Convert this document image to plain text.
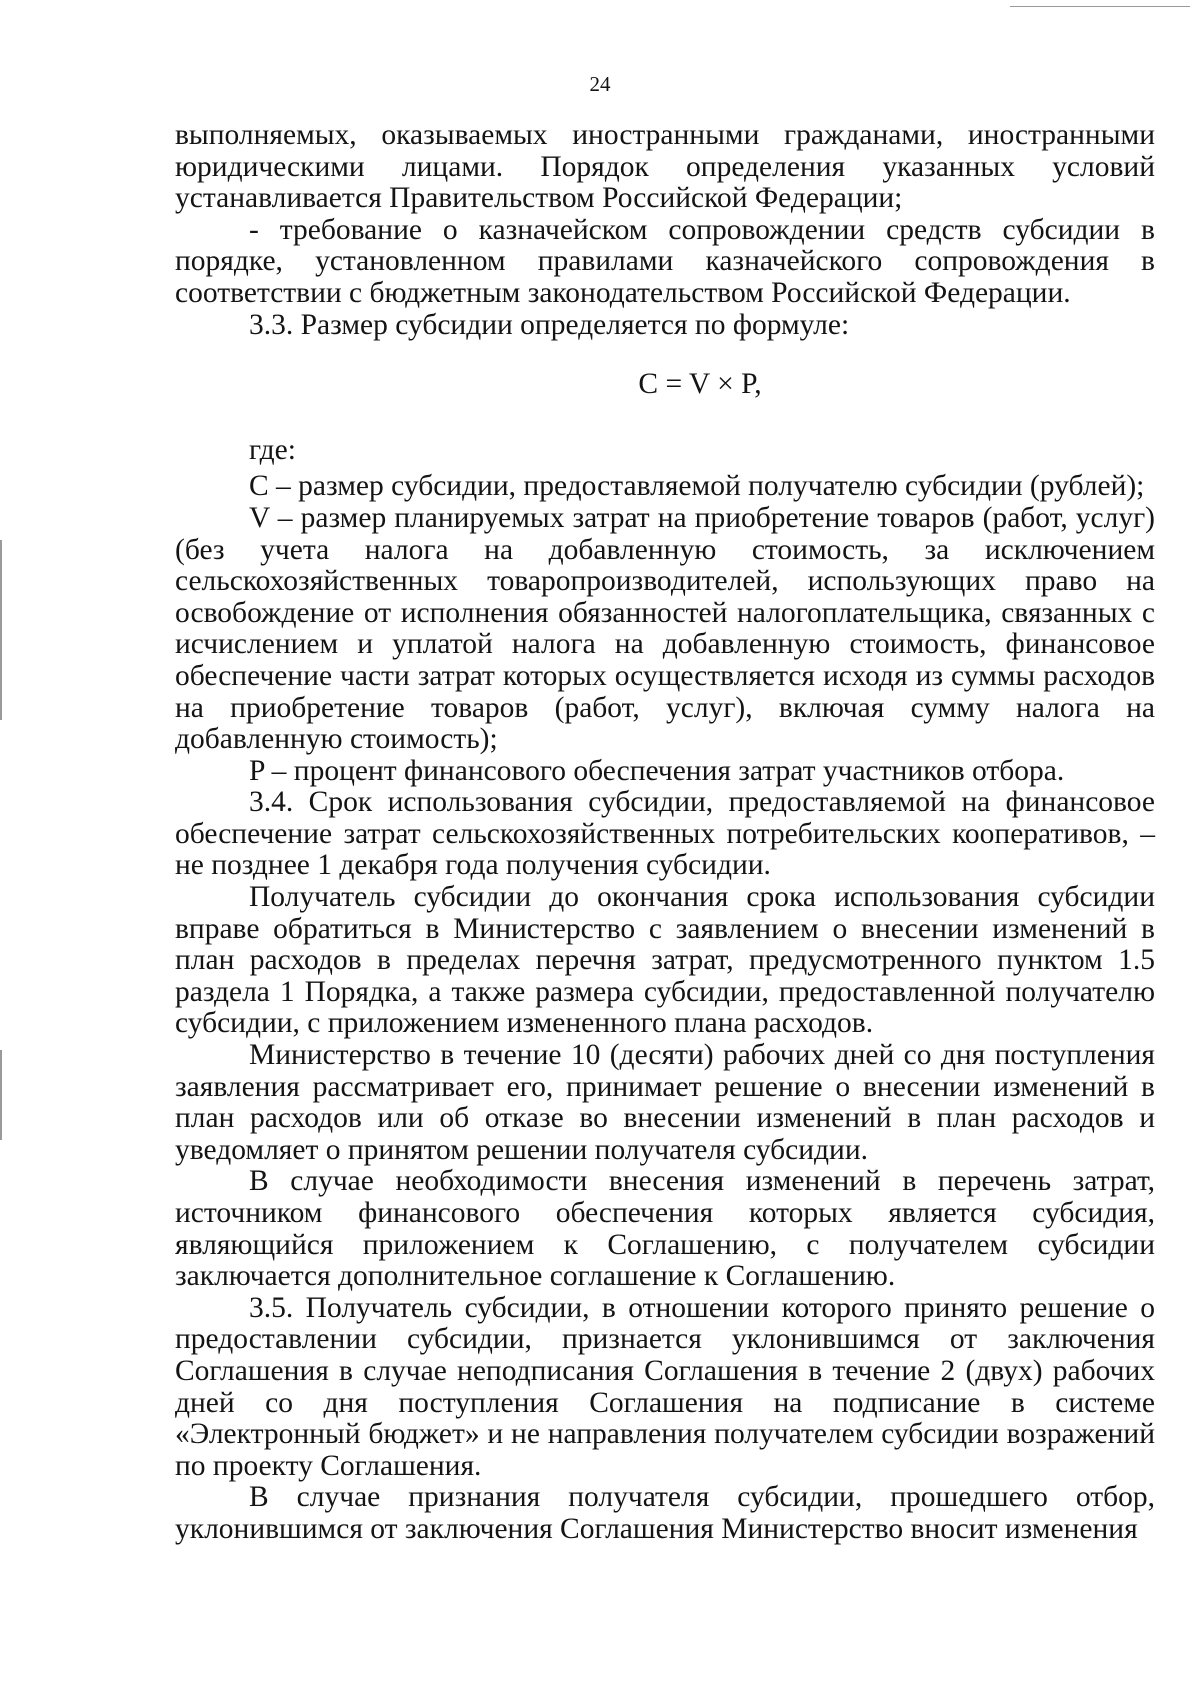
24

выполняемых, оказываемых иностранными гражданами, иностранными юридическими лицами. Порядок определения указанных условий устанавливается Правительством Российской Федерации;

- требование о казначейском сопровождении средств субсидии в порядке, установленном правилами казначейского сопровождения в соответствии с бюджетным законодательством Российской Федерации.

3.3. Размер субсидии определяется по формуле:

C = V × P,

где:

C – размер субсидии, предоставляемой получателю субсидии (рублей);

V – размер планируемых затрат на приобретение товаров (работ, услуг) (без учета налога на добавленную стоимость, за исключением сельскохозяйственных товаропроизводителей, использующих право на освобождение от исполнения обязанностей налогоплательщика, связанных с исчислением и уплатой налога на добавленную стоимость, финансовое обеспечение части затрат которых осуществляется исходя из суммы расходов на приобретение товаров (работ, услуг), включая сумму налога на добавленную стоимость);

P – процент финансового обеспечения затрат участников отбора.

3.4. Срок использования субсидии, предоставляемой на финансовое обеспечение затрат сельскохозяйственных потребительских кооперативов, – не позднее 1 декабря года получения субсидии.

Получатель субсидии до окончания срока использования субсидии вправе обратиться в Министерство с заявлением о внесении изменений в план расходов в пределах перечня затрат, предусмотренного пунктом 1.5 раздела 1 Порядка, а также размера субсидии, предоставленной получателю субсидии, с приложением измененного плана расходов.

Министерство в течение 10 (десяти) рабочих дней со дня поступления заявления рассматривает его, принимает решение о внесении изменений в план расходов или об отказе во внесении изменений в план расходов и уведомляет о принятом решении получателя субсидии.

В случае необходимости внесения изменений в перечень затрат, источником финансового обеспечения которых является субсидия, являющийся приложением к Соглашению, с получателем субсидии заключается дополнительное соглашение к Соглашению.

3.5. Получатель субсидии, в отношении которого принято решение о предоставлении субсидии, признается уклонившимся от заключения Соглашения в случае неподписания Соглашения в течение 2 (двух) рабочих дней со дня поступления Соглашения на подписание в системе «Электронный бюджет» и не направления получателем субсидии возражений по проекту Соглашения.

В случае признания получателя субсидии, прошедшего отбор, уклонившимся от заключения Соглашения Министерство вносит изменения
